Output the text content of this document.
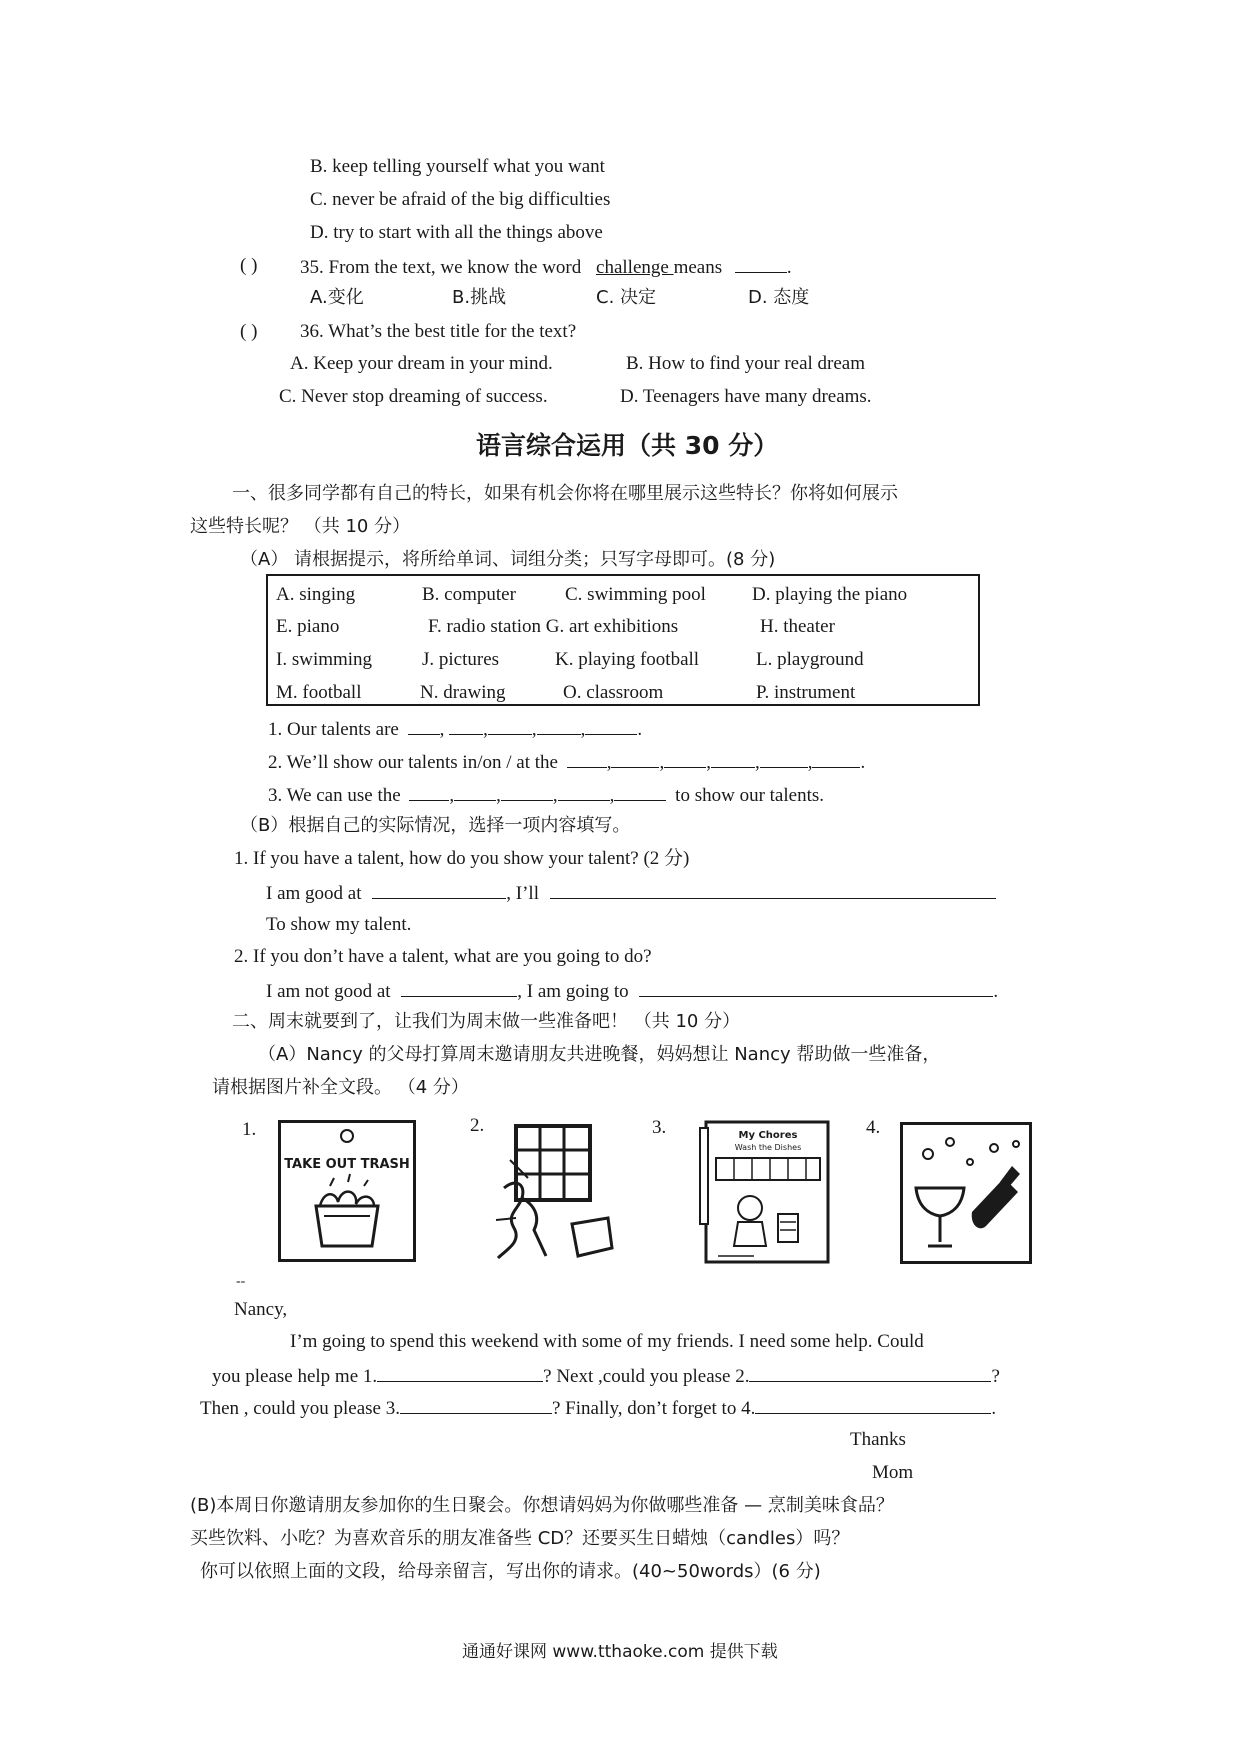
B. keep telling yourself what you want
C. never be afraid of the big difficulties
D. try to start with all the things above
( ) 35. From the text, we know the word challenge means	.
A.变化	B.挑战	C. 决定	D. 态度
( ) 36. What’s the best title for the text?
A. Keep your dream in your mind.	B. How to find your real dream
C. Never stop dreaming of success.	D. Teenagers have many dreams.
语言综合运用（共 30 分）
一、很多同学都有自己的特长，如果有机会你将在哪里展示这些特长？你将如何展示
这些特长呢？ （共 10 分）
（A） 请根据提示，将所给单词、词组分类；只写字母即可。(8 分)
A. singing	B. computer	C. swimming pool D. playing the piano
E. piano	F. radio station G. art exhibitions	H. theater
I. swimming	J. pictures	K. playing football	L. playground
M. football	N. drawing	O. classroom	P. instrument
1. Our talents are , , , ,	.
2. We’ll show our talents in/on / at the	,	, , ,	,	.
3. We can use the	, ,	,	,	to show our talents.
（B）根据自己的实际情况，选择一项内容填写。
1. If you have a talent, how do you show your talent? (2 分)
I am good at	, I’ll
To show my talent.
2. If you don’t have a talent, what are you going to do?
I am not good at	, I am going to	.
二、周末就要到了，让我们为周末做一些准备吧！ （共 10 分）
（A）Nancy 的父母打算周末邀请朋友共进晚餐，妈妈想让 Nancy 帮助做一些准备，
请根据图片补全文段。 （4 分）
1.
TAKE OUT TRASH
2.	3.	My Chores
Wash the Dishes
4.
--
Nancy,
I’m going to spend this weekend with some of my friends. I need some help. Could
you please help me 1.	? Next ,could you please 2.	?
Then , could you please 3.	? Finally, don’t forget to 4.	.
Thanks
Mom
(B)本周日你邀请朋友参加你的生日聚会。你想请妈妈为你做哪些准备 — 烹制美味食品？
买些饮料、小吃？为喜欢音乐的朋友准备些 CD？还要买生日蜡烛（candles）吗？
你可以依照上面的文段，给母亲留言，写出你的请求。(40~50words）(6 分)
通通好课网 www.tthaoke.com 提供下载
